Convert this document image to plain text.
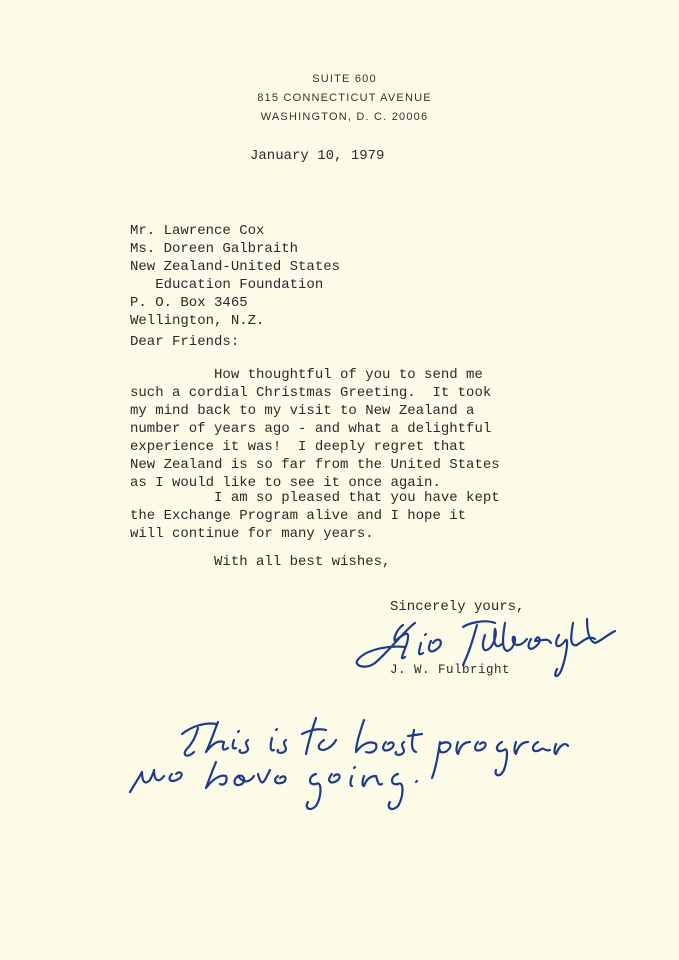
SUITE 600
815 CONNECTICUT AVENUE
WASHINGTON, D. C. 20006
January 10, 1979
Mr. Lawrence Cox
Ms. Doreen Galbraith
New Zealand-United States
Education Foundation
P. O. Box 3465
Wellington, N.Z.
Dear Friends:
How thoughtful of you to send me
such a cordial Christmas Greeting.  It took
my mind back to my visit to New Zealand a
number of years ago - and what a delightful
experience it was!  I deeply regret that
New Zealand is so far from the United States
as I would like to see it once again.
I am so pleased that you have kept
the Exchange Program alive and I hope it
will continue for many years.
With all best wishes,
Sincerely yours,
J. W. Fulbright
